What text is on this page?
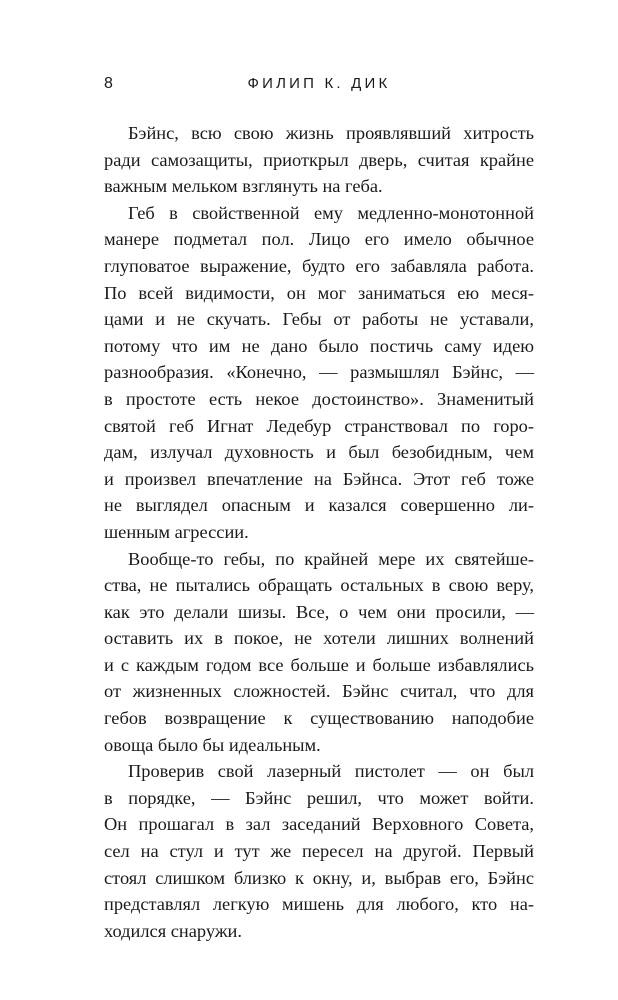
8	ФИЛИП К. ДИК
Бэйнс, всю свою жизнь проявлявший хитрость
ради самозащиты, приоткрыл дверь, считая крайне
важным мельком взглянуть на геба.
Геб в свойственной ему медленно-монотонной
манере подметал пол. Лицо его имело обычное
глуповатое выражение, будто его забавляла работа.
По всей видимости, он мог заниматься ею меся-
цами и не скучать. Гебы от работы не уставали,
потому что им не дано было постичь саму идею
разнообразия. «Конечно, — размышлял Бэйнс, —
в простоте есть некое достоинство». Знаменитый
святой геб Игнат Ледебур странствовал по горо-
дам, излучал духовность и был безобидным, чем
и произвел впечатление на Бэйнса. Этот геб тоже
не выглядел опасным и казался совершенно ли-
шенным агрессии.
Вообще-то гебы, по крайней мере их святейше-
ства, не пытались обращать остальных в свою веру,
как это делали шизы. Все, о чем они просили, —
оставить их в покое, не хотели лишних волнений
и с каждым годом все больше и больше избавлялись
от жизненных сложностей. Бэйнс считал, что для
гебов возвращение к существованию наподобие
овоща было бы идеальным.
Проверив свой лазерный пистолет — он был
в порядке, — Бэйнс решил, что может войти.
Он прошагал в зал заседаний Верховного Совета,
сел на стул и тут же пересел на другой. Первый
стоял слишком близко к окну, и, выбрав его, Бэйнс
представлял легкую мишень для любого, кто на-
ходился снаружи.
